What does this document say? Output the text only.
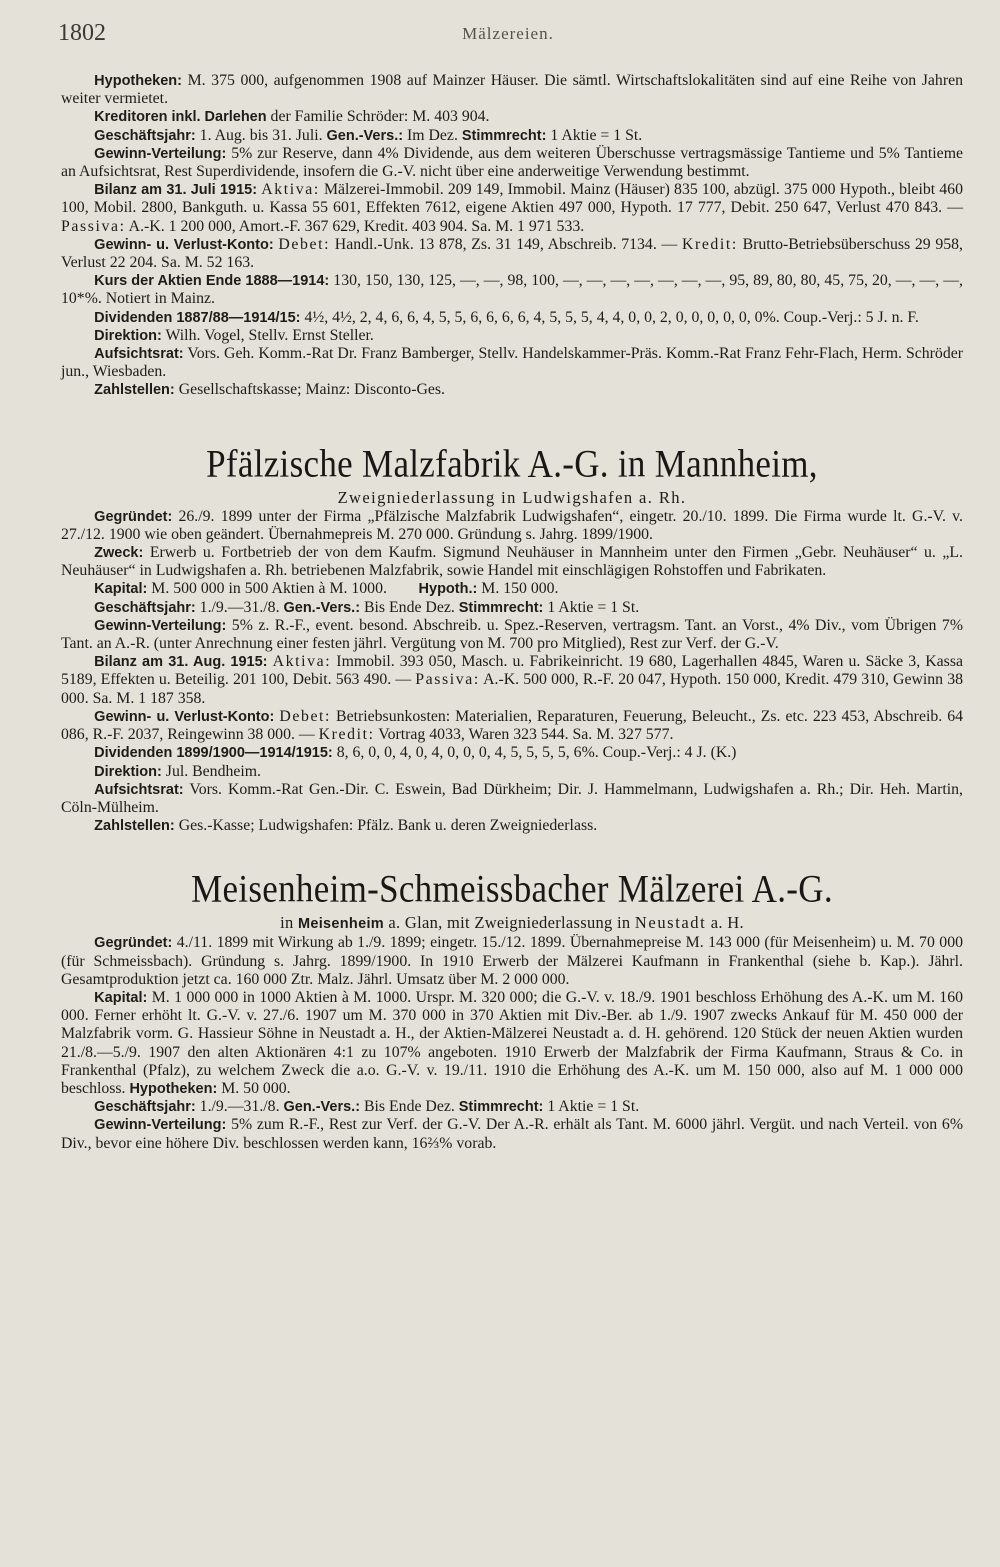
1802	Mälzereien.

Hypotheken: M. 375 000, aufgenommen 1908 auf Mainzer Häuser. Die sämtl. Wirtschaftslokalitäten sind auf eine Reihe von Jahren weiter vermietet.

Kreditoren inkl. Darlehen der Familie Schröder: M. 403 904.

Geschäftsjahr: 1. Aug. bis 31. Juli. Gen.-Vers.: Im Dez. Stimmrecht: 1 Aktie = 1 St.

Gewinn-Verteilung: 5% zur Reserve, dann 4% Dividende, aus dem weiteren Überschusse vertragsmässige Tantieme und 5% Tantieme an Aufsichtsrat, Rest Superdividende, insofern die G.-V. nicht über eine anderweitige Verwendung bestimmt.

Bilanz am 31. Juli 1915: Aktiva: Mälzerei-Immobil. 209 149, Immobil. Mainz (Häuser) 835 100, abzügl. 375 000 Hypoth., bleibt 460 100, Mobil. 2800, Bankguth. u. Kassa 55 601, Effekten 7612, eigene Aktien 497 000, Hypoth. 17 777, Debit. 250 647, Verlust 470 843. — Passiva: A.-K. 1 200 000, Amort.-F. 367 629, Kredit. 403 904. Sa. M. 1 971 533.

Gewinn- u. Verlust-Konto: Debet: Handl.-Unk. 13 878, Zs. 31 149, Abschreib. 7134. — Kredit: Brutto-Betriebsüberschuss 29 958, Verlust 22 204. Sa. M. 52 163.

Kurs der Aktien Ende 1888—1914: 130, 150, 130, 125, —, —, 98, 100, —, —, —, —, —, —, —, 95, 89, 80, 80, 45, 75, 20, —, —, —, 10*%. Notiert in Mainz.

Dividenden 1887/88—1914/15: 4½, 4½, 2, 4, 6, 6, 4, 5, 5, 6, 6, 6, 6, 4, 5, 5, 5, 4, 4, 0, 0, 2, 0, 0, 0, 0, 0, 0%. Coup.-Verj.: 5 J. n. F.

Direktion: Wilh. Vogel, Stellv. Ernst Steller.

Aufsichtsrat: Vors. Geh. Komm.-Rat Dr. Franz Bamberger, Stellv. Handelskammer-Präs. Komm.-Rat Franz Fehr-Flach, Herm. Schröder jun., Wiesbaden.

Zahlstellen: Gesellschaftskasse; Mainz: Disconto-Ges.

Pfälzische Malzfabrik A.-G. in Mannheim,
Zweigniederlassung in Ludwigshafen a. Rh.

Gegründet: 26./9. 1899 unter der Firma „Pfälzische Malzfabrik Ludwigshafen“, eingetr. 20./10. 1899. Die Firma wurde lt. G.-V. v. 27./12. 1900 wie oben geändert. Übernahmepreis M. 270 000. Gründung s. Jahrg. 1899/1900.

Zweck: Erwerb u. Fortbetrieb der von dem Kaufm. Sigmund Neuhäuser in Mannheim unter den Firmen „Gebr. Neuhäuser“ u. „L. Neuhäuser“ in Ludwigshafen a. Rh. betriebenen Malzfabrik, sowie Handel mit einschlägigen Rohstoffen und Fabrikaten.

Kapital: M. 500 000 in 500 Aktien à M. 1000.        Hypoth.: M. 150 000.

Geschäftsjahr: 1./9.—31./8. Gen.-Vers.: Bis Ende Dez. Stimmrecht: 1 Aktie = 1 St.

Gewinn-Verteilung: 5% z. R.-F., event. besond. Abschreib. u. Spez.-Reserven, vertragsm. Tant. an Vorst., 4% Div., vom Übrigen 7% Tant. an A.-R. (unter Anrechnung einer festen jährl. Vergütung von M. 700 pro Mitglied), Rest zur Verf. der G.-V.

Bilanz am 31. Aug. 1915: Aktiva: Immobil. 393 050, Masch. u. Fabrikeinricht. 19 680, Lagerhallen 4845, Waren u. Säcke 3, Kassa 5189, Effekten u. Beteilig. 201 100, Debit. 563 490. — Passiva: A.-K. 500 000, R.-F. 20 047, Hypoth. 150 000, Kredit. 479 310, Gewinn 38 000. Sa. M. 1 187 358.

Gewinn- u. Verlust-Konto: Debet: Betriebsunkosten: Materialien, Reparaturen, Feuerung, Beleucht., Zs. etc. 223 453, Abschreib. 64 086, R.-F. 2037, Reingewinn 38 000. — Kredit: Vortrag 4033, Waren 323 544. Sa. M. 327 577.

Dividenden 1899/1900—1914/1915: 8, 6, 0, 0, 4, 0, 4, 0, 0, 0, 4, 5, 5, 5, 5, 6%. Coup.-Verj.: 4 J. (K.)

Direktion: Jul. Bendheim.

Aufsichtsrat: Vors. Komm.-Rat Gen.-Dir. C. Eswein, Bad Dürkheim; Dir. J. Hammelmann, Ludwigshafen a. Rh.; Dir. Heh. Martin, Cöln-Mülheim.

Zahlstellen: Ges.-Kasse; Ludwigshafen: Pfälz. Bank u. deren Zweigniederlass.

Meisenheim-Schmeissbacher Mälzerei A.-G.
in Meisenheim a. Glan, mit Zweigniederlassung in Neustadt a. H.

Gegründet: 4./11. 1899 mit Wirkung ab 1./9. 1899; eingetr. 15./12. 1899. Übernahmepreise M. 143 000 (für Meisenheim) u. M. 70 000 (für Schmeissbach). Gründung s. Jahrg. 1899/1900. In 1910 Erwerb der Mälzerei Kaufmann in Frankenthal (siehe b. Kap.). Jährl. Gesamtproduktion jetzt ca. 160 000 Ztr. Malz. Jährl. Umsatz über M. 2 000 000.

Kapital: M. 1 000 000 in 1000 Aktien à M. 1000. Urspr. M. 320 000; die G.-V. v. 18./9. 1901 beschloss Erhöhung des A.-K. um M. 160 000. Ferner erhöht lt. G.-V. v. 27./6. 1907 um M. 370 000 in 370 Aktien mit Div.-Ber. ab 1./9. 1907 zwecks Ankauf für M. 450 000 der Malzfabrik vorm. G. Hassieur Söhne in Neustadt a. H., der Aktien-Mälzerei Neustadt a. d. H. gehörend. 120 Stück der neuen Aktien wurden 21./8.—5./9. 1907 den alten Aktionären 4:1 zu 107% angeboten. 1910 Erwerb der Malzfabrik der Firma Kaufmann, Straus & Co. in Frankenthal (Pfalz), zu welchem Zweck die a.o. G.-V. v. 19./11. 1910 die Erhöhung des A.-K. um M. 150 000, also auf M. 1 000 000 beschloss. Hypotheken: M. 50 000.

Geschäftsjahr: 1./9.—31./8. Gen.-Vers.: Bis Ende Dez. Stimmrecht: 1 Aktie = 1 St.

Gewinn-Verteilung: 5% zum R.-F., Rest zur Verf. der G.-V. Der A.-R. erhält als Tant. M. 6000 jährl. Vergüt. und nach Verteil. von 6% Div., bevor eine höhere Div. beschlossen werden kann, 16⅔% vorab.
